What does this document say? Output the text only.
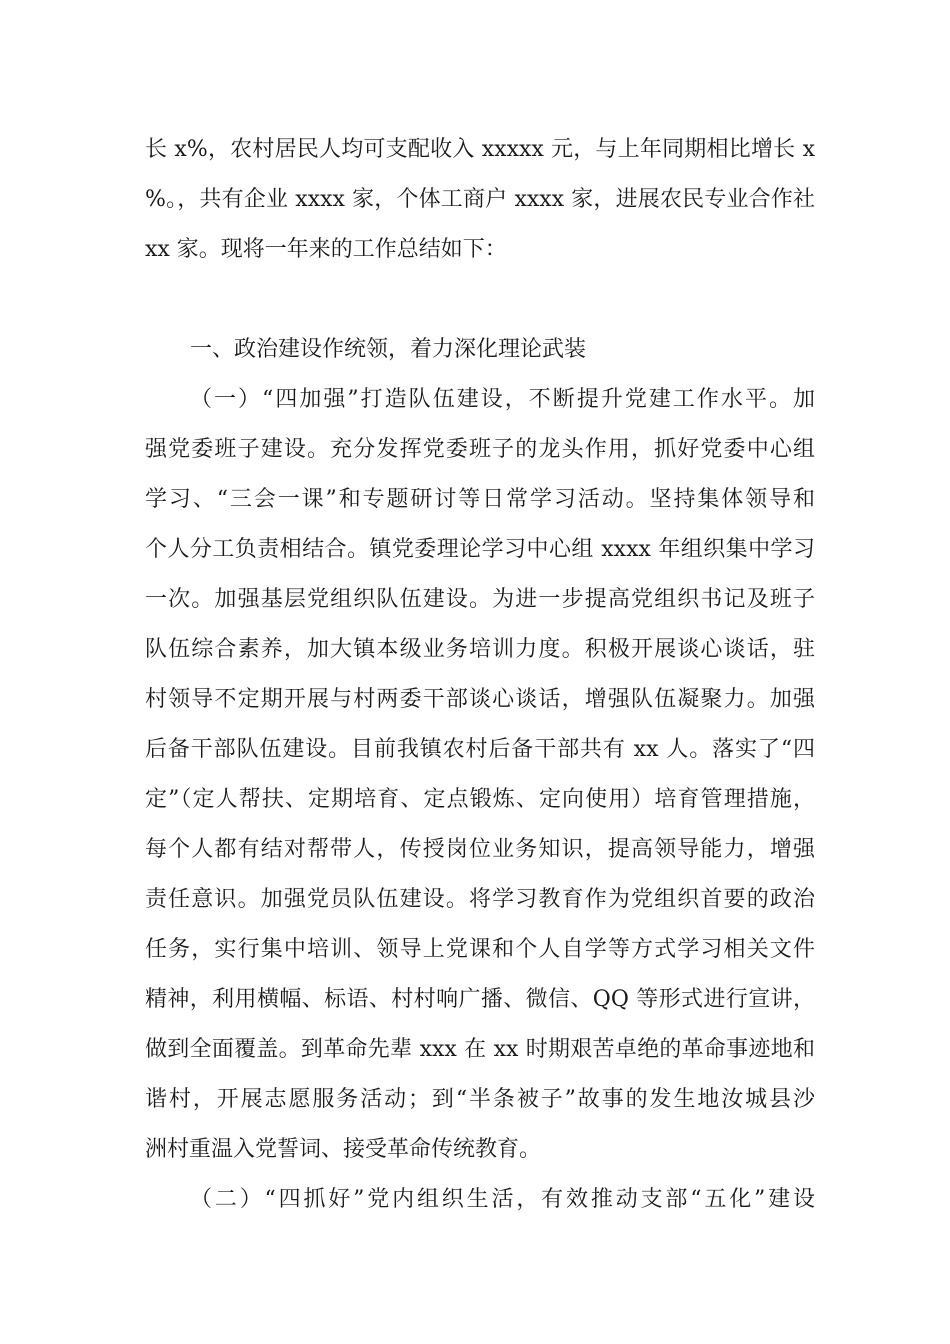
长 x%，农村居民人均可支配收入 xxxxx 元，与上年同期相比增长 x
%。，共有企业 xxxx 家，个体工商户 xxxx 家，进展农民专业合作社
xx 家。现将一年来的工作总结如下：
一、政治建设作统领，着力深化理论武装
（一）“四加强”打造队伍建设，不断提升党建工作水平。加
强党委班子建设。充分发挥党委班子的龙头作用，抓好党委中心组
学习、“三会一课”和专题研讨等日常学习活动。坚持集体领导和
个人分工负责相结合。镇党委理论学习中心组 xxxx 年组织集中学习
一次。加强基层党组织队伍建设。为进一步提高党组织书记及班子
队伍综合素养，加大镇本级业务培训力度。积极开展谈心谈话，驻
村领导不定期开展与村两委干部谈心谈话，增强队伍凝聚力。加强
后备干部队伍建设。目前我镇农村后备干部共有 xx 人。落实了“四
定”（定人帮扶、定期培育、定点锻炼、定向使用）培育管理措施，
每个人都有结对帮带人，传授岗位业务知识，提高领导能力，增强
责任意识。加强党员队伍建设。将学习教育作为党组织首要的政治
任务，实行集中培训、领导上党课和个人自学等方式学习相关文件
精神，利用横幅、标语、村村响广播、微信、QQ 等形式进行宣讲，
做到全面覆盖。到革命先辈 xxx 在 xx 时期艰苦卓绝的革命事迹地和
谐村，开展志愿服务活动；到“半条被子”故事的发生地汝城县沙
洲村重温入党誓词、接受革命传统教育。
（二）“四抓好”党内组织生活，有效推动支部“五化”建设
